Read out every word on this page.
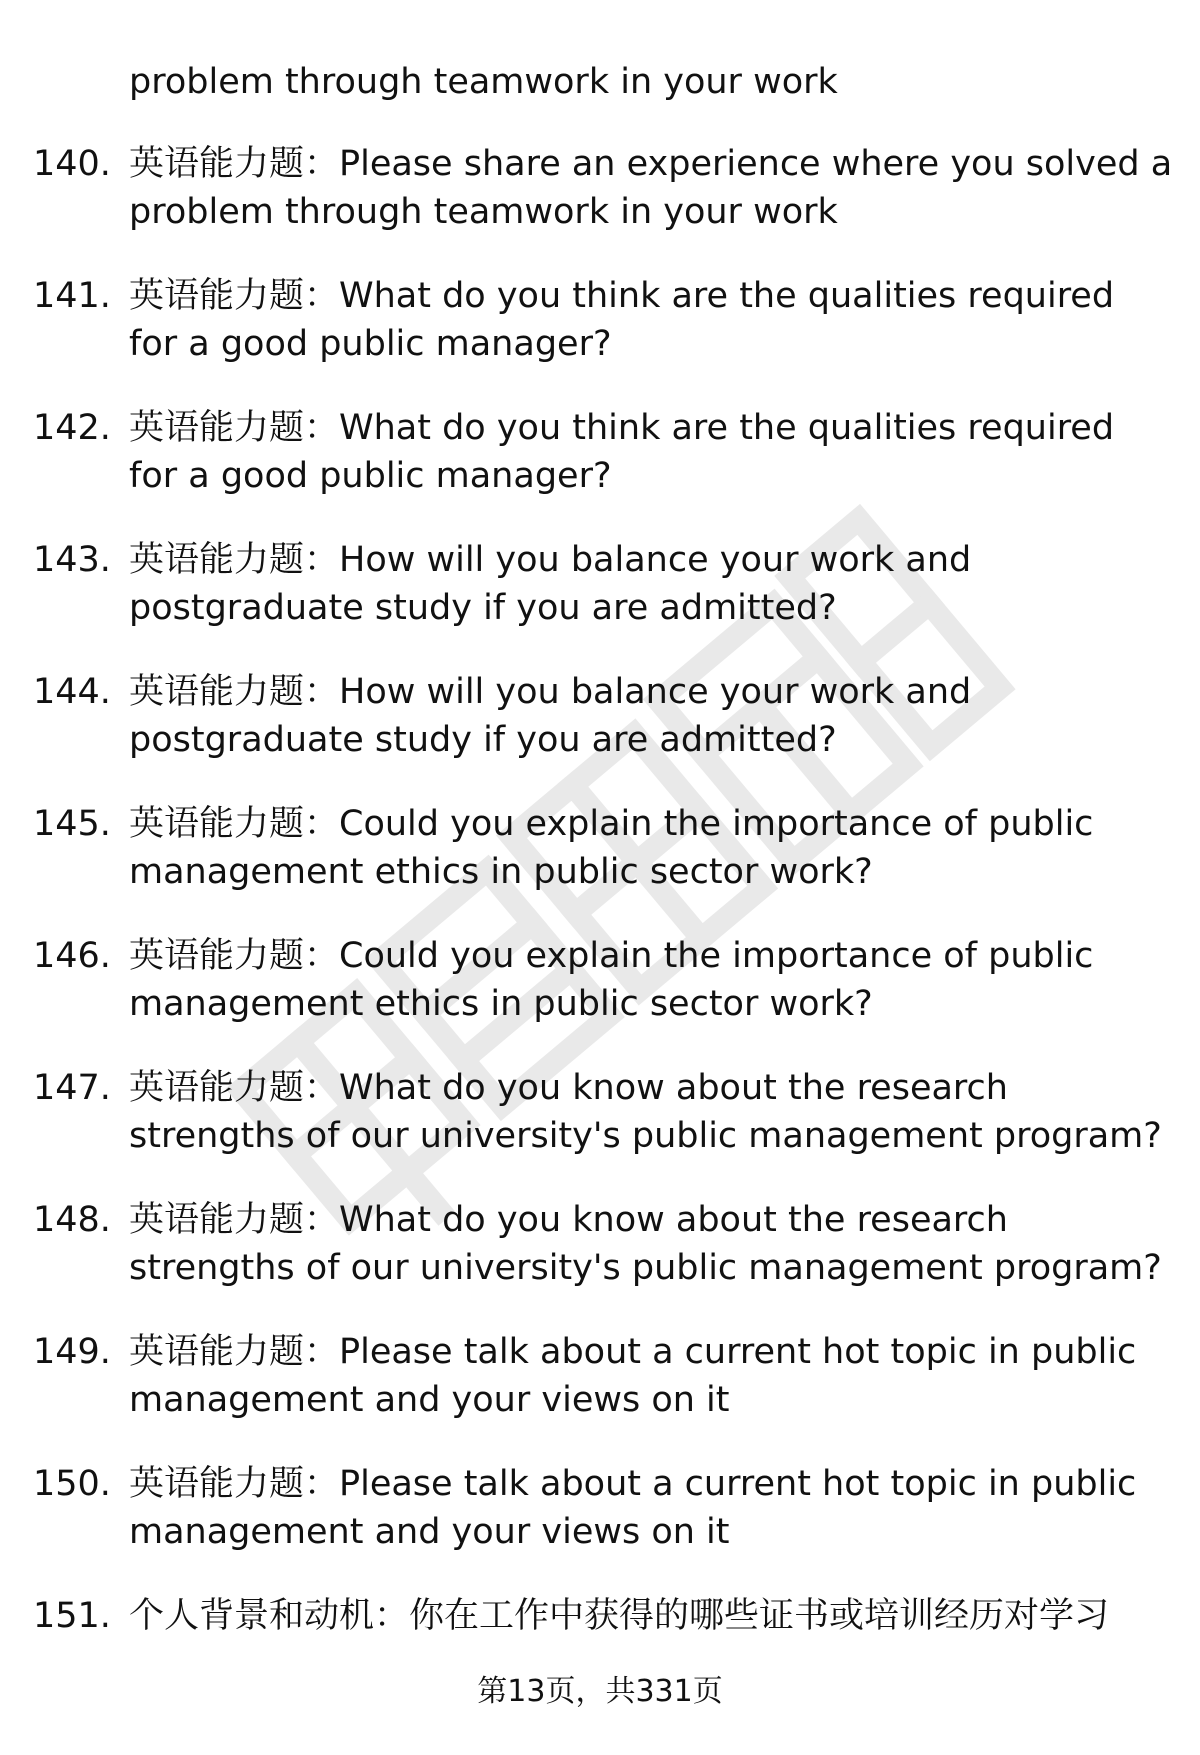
problem through teamwork in your work
140. 英语能力题：Please share an experience where you solved a
problem through teamwork in your work
141. 英语能力题：What do you think are the qualities required
for a good public manager?
142. 英语能力题：What do you think are the qualities required
for a good public manager?
143. 英语能力题：How will you balance your work and
postgraduate study if you are admitted?
144. 英语能力题：How will you balance your work and
postgraduate study if you are admitted?
145. 英语能力题：Could you explain the importance of public
management ethics in public sector work?
146. 英语能力题：Could you explain the importance of public
management ethics in public sector work?
147. 英语能力题：What do you know about the research
strengths of our university's public management program?
148. 英语能力题：What do you know about the research
strengths of our university's public management program?
149. 英语能力题：Please talk about a current hot topic in public
management and your views on it
150. 英语能力题：Please talk about a current hot topic in public
management and your views on it
151. 个人背景和动机：你在工作中获得的哪些证书或培训经历对学习
第13页，共331页
